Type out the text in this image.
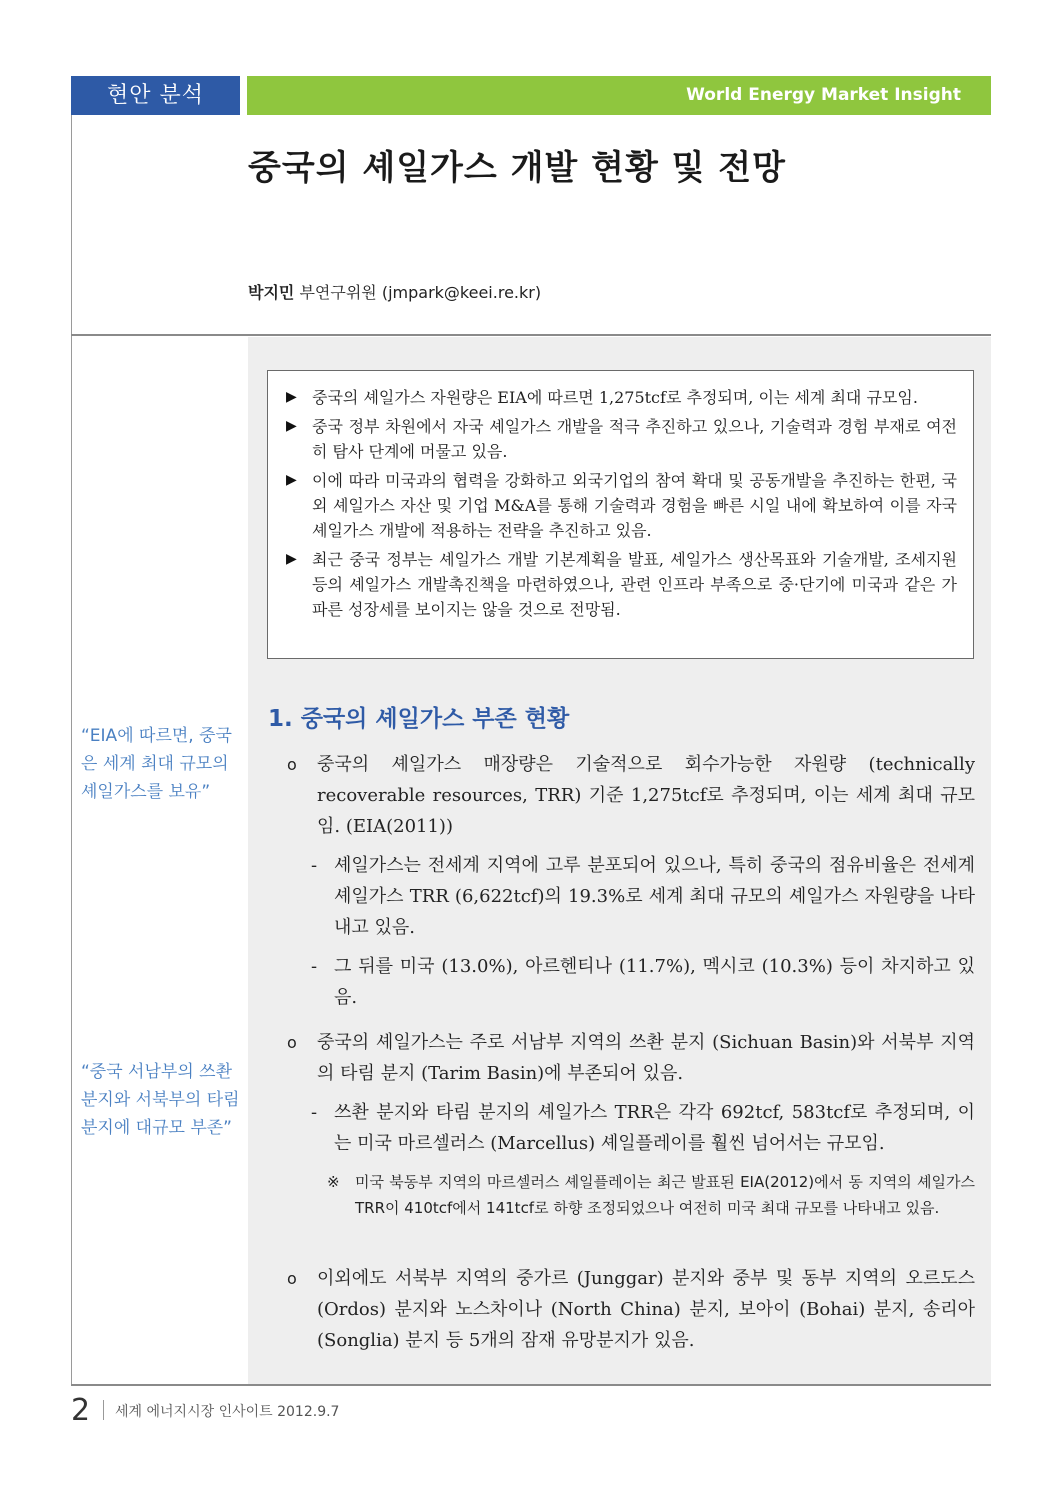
현안 분석	World Energy Market Insight
중국의 셰일가스 개발 현황 및 전망
박지민 부연구위원 (jmpark@keei.re.kr)
▶ 중국의 셰일가스 자원량은 EIA에 따르면 1,275tcf로 추정되며, 이는 세계 최대 규모임.
▶ 중국 정부 차원에서 자국 셰일가스 개발을 적극 추진하고 있으나, 기술력과 경험 부재로 여전히 탐사 단계에 머물고 있음.
▶ 이에 따라 미국과의 협력을 강화하고 외국기업의 참여 확대 및 공동개발을 추진하는 한편, 국외 셰일가스 자산 및 기업 M&A를 통해 기술력과 경험을 빠른 시일 내에 확보하여 이를 자국 셰일가스 개발에 적용하는 전략을 추진하고 있음.
▶ 최근 중국 정부는 셰일가스 개발 기본계획을 발표, 셰일가스 생산목표와 기술개발, 조세지원 등의 셰일가스 개발촉진책을 마련하였으나, 관련 인프라 부족으로 중·단기에 미국과 같은 가파른 성장세를 보이지는 않을 것으로 전망됨.
“EIA에 따르면, 중국은 세계 최대 규모의 셰일가스를 보유”
“중국 서남부의 쓰촨 분지와 서북부의 타림 분지에 대규모 부존”
1. 중국의 셰일가스 부존 현황
o	중국의 셰일가스 매장량은 기술적으로 회수가능한 자원량 (technically recoverable resources, TRR) 기준 1,275tcf로 추정되며, 이는 세계 최대 규모임. (EIA(2011))
- 셰일가스는 전세계 지역에 고루 분포되어 있으나, 특히 중국의 점유비율은 전세계 셰일가스 TRR (6,622tcf)의 19.3%로 세계 최대 규모의 셰일가스 자원량을 나타내고 있음.
- 그 뒤를 미국 (13.0%), 아르헨티나 (11.7%), 멕시코 (10.3%) 등이 차지하고 있음.
o	중국의 셰일가스는 주로 서남부 지역의 쓰촨 분지 (Sichuan Basin)와 서북부 지역의 타림 분지 (Tarim Basin)에 부존되어 있음.
- 쓰촨 분지와 타림 분지의 셰일가스 TRR은 각각 692tcf, 583tcf로 추정되며, 이는 미국 마르셀러스 (Marcellus) 셰일플레이를 훨씬 넘어서는 규모임.
※	미국 북동부 지역의 마르셀러스 셰일플레이는 최근 발표된 EIA(2012)에서 동 지역의 셰일가스 TRR이 410tcf에서 141tcf로 하향 조정되었으나 여전히 미국 최대 규모를 나타내고 있음.
o	이외에도 서북부 지역의 중가르 (Junggar) 분지와 중부 및 동부 지역의 오르도스 (Ordos) 분지와 노스차이나 (North China) 분지, 보아이 (Bohai) 분지, 송리아 (Songlia) 분지 등 5개의 잠재 유망분지가 있음.
2 세계 에너지시장 인사이트 2012.9.7
